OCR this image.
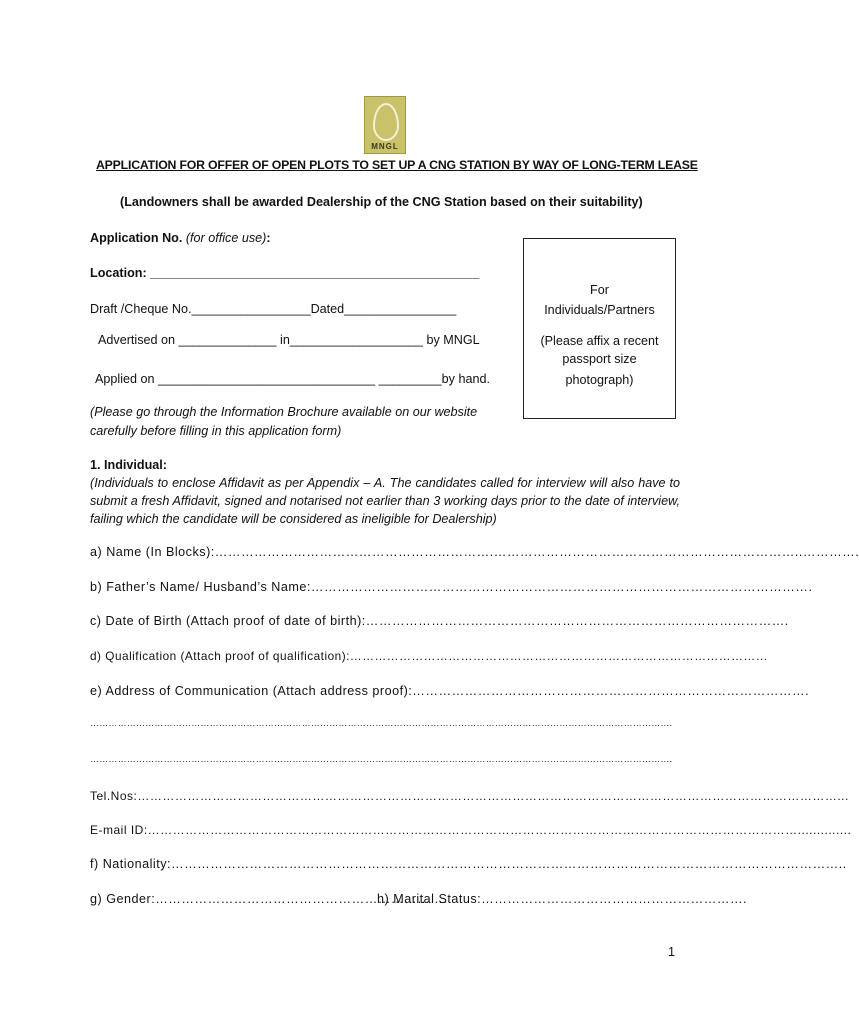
MNGL
APPLICATION FOR OFFER OF OPEN PLOTS TO SET UP A CNG STATION BY WAY OF LONG-TERM LEASE
(Landowners shall be awarded Dealership of the CNG Station based on their suitability)
Application No. (for office use):
Location: _______________________________________________
Draft /Cheque No._________________Dated________________
Advertised on ______________ in___________________ by MNGL
Applied on _______________________________ _________by hand.
For
Individuals/Partners
(Please affix a recent
passport size
photograph)
(Please go through the Information Brochure available on our website
carefully before filling in this application form)
1. Individual:
(Individuals to enclose Affidavit as per Appendix – A. The candidates called for interview will also have to submit a fresh Affidavit, signed and notarised not earlier than 3 working days prior to the date of interview, failing which the candidate will be considered as ineligible for Dealership)
a) Name (In Blocks):……………………………………………………….……………………………………………………………..………….
b) Father’s Name/ Husband’s Name:…………………………………………………………………………………………………….
c) Date of Birth (Attach proof of date of birth):…………………………………………………………………………………….
d) Qualification (Attach proof of qualification):…………………………………………………………………………………………
e) Address of Communication (Attach address proof):……………………………………………………………………………….
……………………………………………………………………………………………………………………………………………………………………….
……………………………………………………………………………………………………………………………………………………………………….
Tel.Nos:……………………………………………………………………………………………………………………………………………………...
E-mail ID:…………………………………………………………………………………………………………………………………………..............
f) Nationality:………………………………………………………………………………………………………………………………………..
g) Gender:………………………………………………………….
h) Marital Status:…………………………………………………….
1
